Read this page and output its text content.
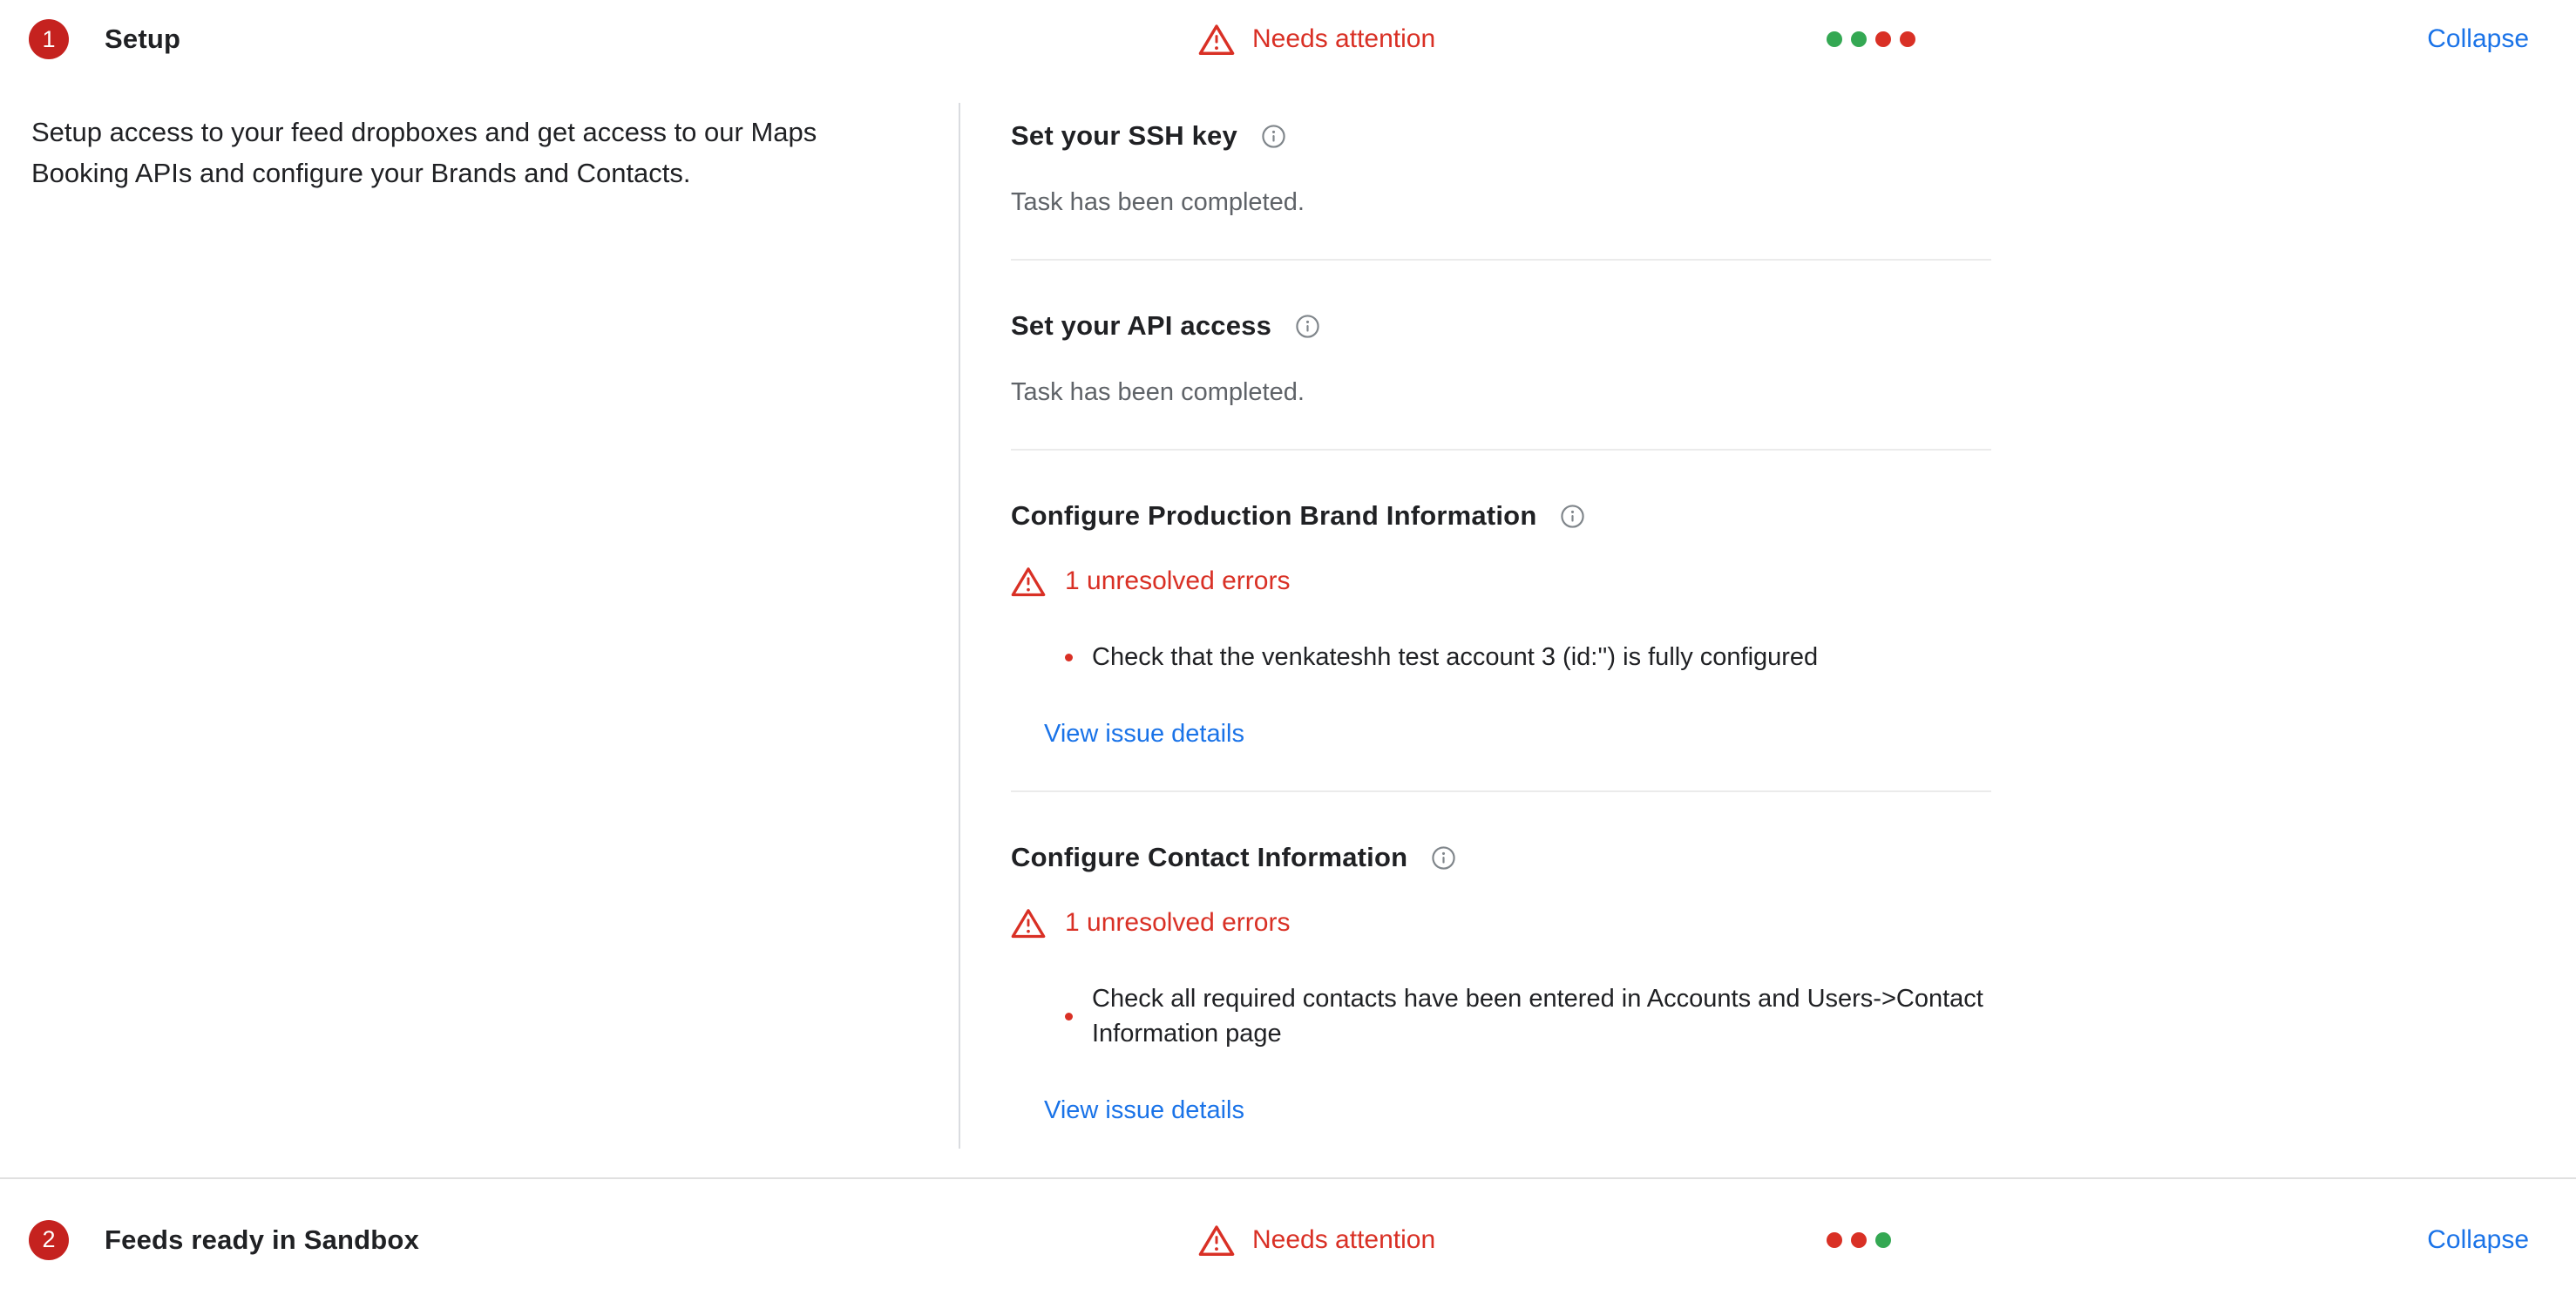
1	Setup	Needs attention	Collapse

Setup access to your feed dropboxes and get access to our Maps Booking APIs and configure your Brands and Contacts.

Set your SSH key

Task has been completed.

Set your API access

Task has been completed.

Configure Production Brand Information
1 unresolved errors
Check that the venkateshh test account 3 (id:'') is fully configured
View issue details
Configure Contact Information
1 unresolved errors
Check all required contacts have been entered in Accounts and Users->Contact Information page
View issue details
2	Feeds ready in Sandbox	Needs attention	Collapse
